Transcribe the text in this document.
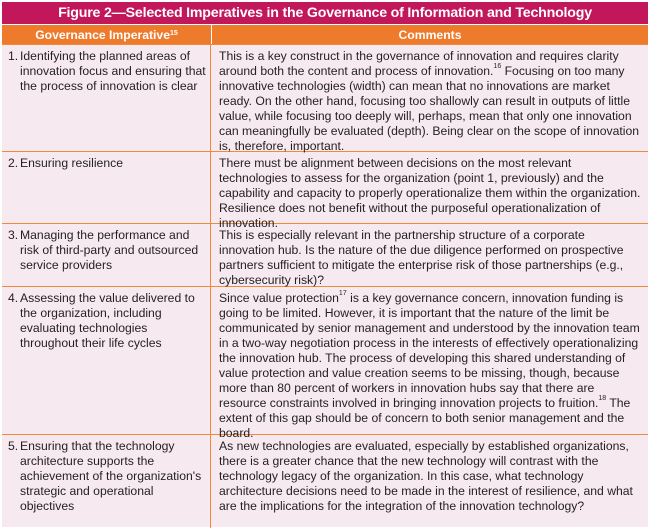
Figure 2—Selected Imperatives in the Governance of Information and Technology
Governance Imperative$^{15}$	Comments
1. Identifying the planned areas of innovation focus and ensuring that the process of innovation is clear
This is a key construct in the governance of innovation and requires clarity around both the content and process of innovation.$^{16}$ Focusing on too many innovative technologies (width) can mean that no innovations are market ready. On the other hand, focusing too shallowly can result in outputs of little value, while focusing too deeply will, perhaps, mean that only one innovation can meaningfully be evaluated (depth). Being clear on the scope of innovation is, therefore, important.
2. Ensuring resilience	There must be alignment between decisions on the most relevant technologies to assess for the organization (point 1, previously) and the capability and capacity to properly operationalize them within the organization. Resilience does not benefit without the purposeful operationalization of innovation.
3. Managing the performance and risk of third-party and outsourced service providers
This is especially relevant in the partnership structure of a corporate innovation hub. Is the nature of the due diligence performed on prospective partners sufficient to mitigate the enterprise risk of those partnerships (e.g., cybersecurity risk)?
4. Assessing the value delivered to the organization, including evaluating technologies throughout their life cycles
Since value protection$^{17}$ is a key governance concern, innovation funding is going to be limited. However, it is important that the nature of the limit be communicated by senior management and understood by the innovation team in a two-way negotiation process in the interests of effectively operationalizing the innovation hub. The process of developing this shared understanding of value protection and value creation seems to be missing, though, because more than 80 percent of workers in innovation hubs say that there are resource constraints involved in bringing innovation projects to fruition.$^{18}$ The extent of this gap should be of concern to both senior management and the board.
5. Ensuring that the technology architecture supports the achievement of the organization's strategic and operational objectives
As new technologies are evaluated, especially by established organizations, there is a greater chance that the new technology will contrast with the technology legacy of the organization. In this case, what technology architecture decisions need to be made in the interest of resilience, and what are the implications for the integration of the innovation technology?
